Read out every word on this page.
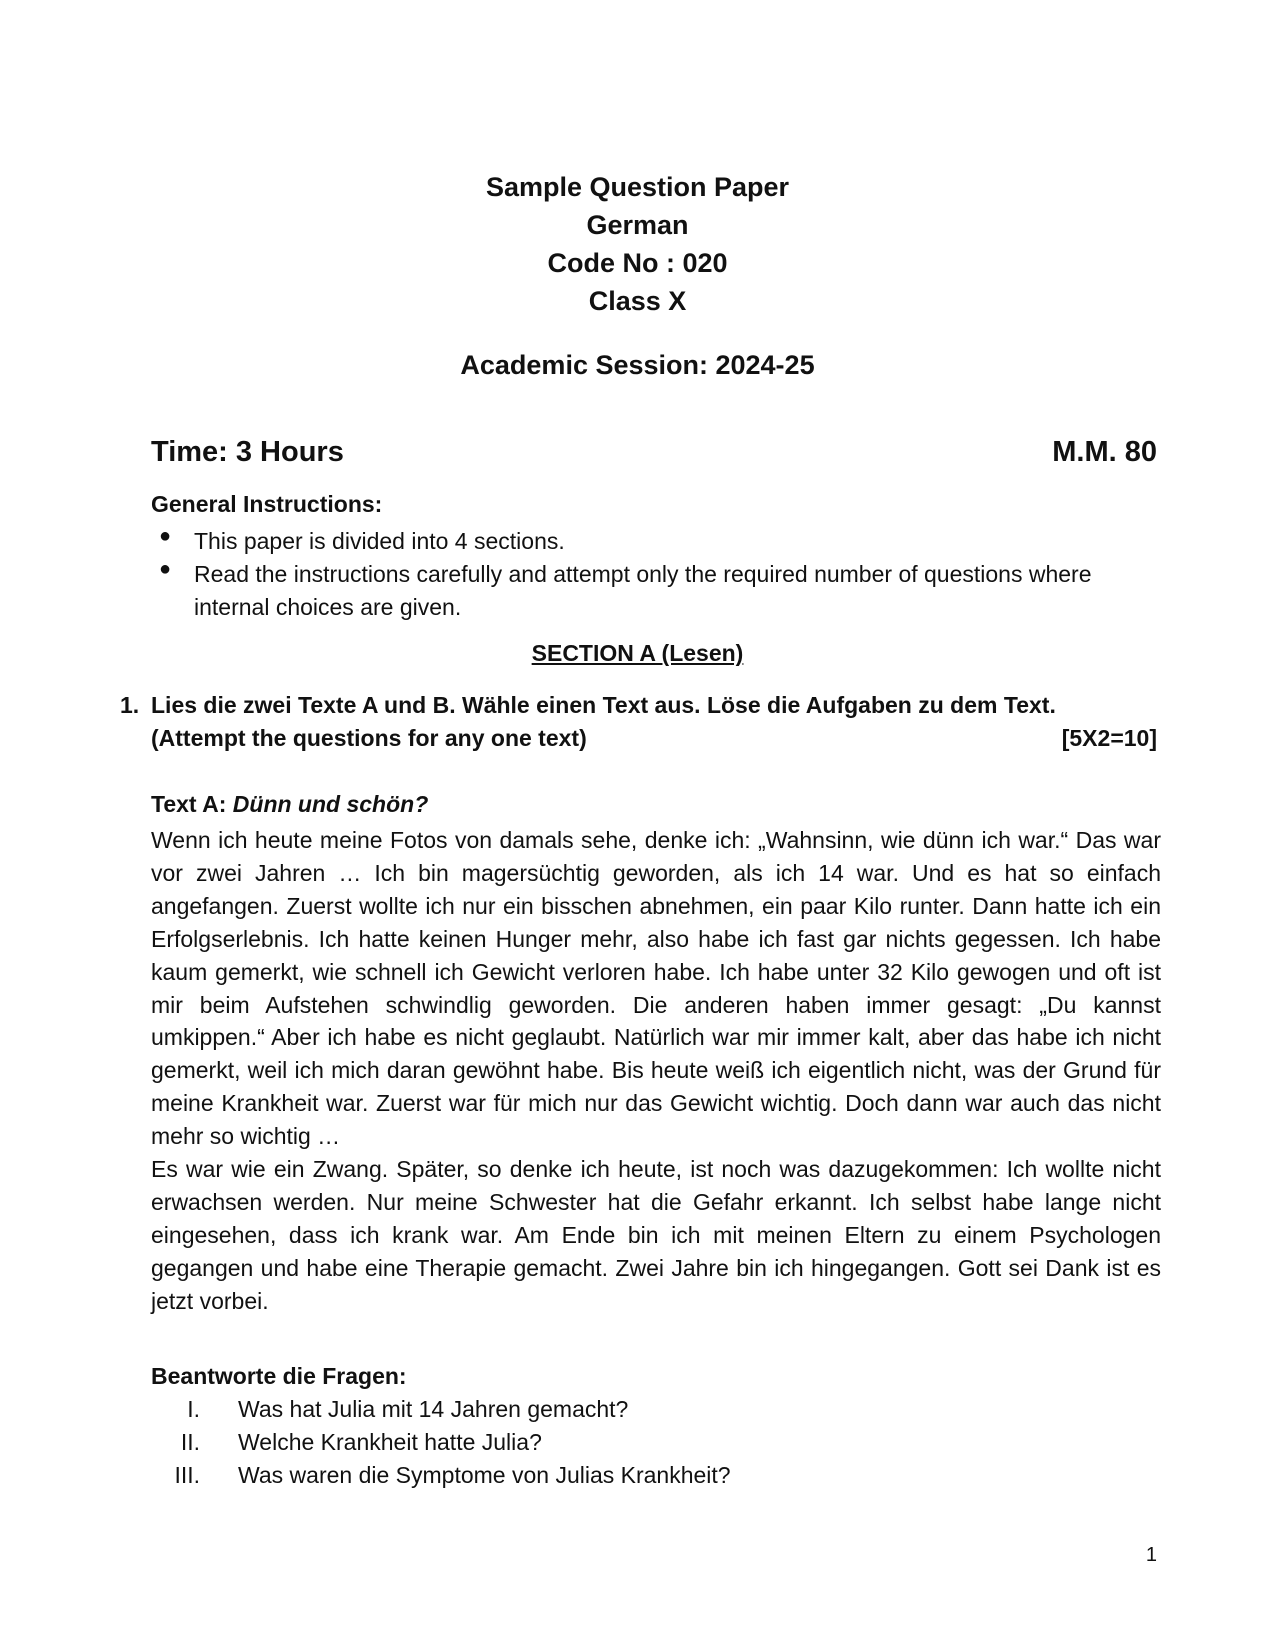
Sample Question Paper
German
Code No : 020
Class X
Academic Session: 2024-25
Time: 3 Hours	M.M. 80
General Instructions:
● This paper is divided into 4 sections.
● Read the instructions carefully and attempt only the required number of questions where internal choices are given.
SECTION A (Lesen)
1. Lies die zwei Texte A und B. Wähle einen Text aus. Löse die Aufgaben zu dem Text.
(Attempt the questions for any one text)	[5X2=10]
Text A: Dünn und schön?
Wenn ich heute meine Fotos von damals sehe, denke ich: „Wahnsinn, wie dünn ich war.“ Das war vor zwei Jahren … Ich bin magersüchtig geworden, als ich 14 war. Und es hat so einfach angefangen. Zuerst wollte ich nur ein bisschen abnehmen, ein paar Kilo runter. Dann hatte ich ein Erfolgserlebnis. Ich hatte keinen Hunger mehr, also habe ich fast gar nichts gegessen. Ich habe kaum gemerkt, wie schnell ich Gewicht verloren habe. Ich habe unter 32 Kilo gewogen und oft ist mir beim Aufstehen schwindlig geworden. Die anderen haben immer gesagt: „Du kannst umkippen.“ Aber ich habe es nicht geglaubt. Natürlich war mir immer kalt, aber das habe ich nicht gemerkt, weil ich mich daran gewöhnt habe. Bis heute weiß ich eigentlich nicht, was der Grund für meine Krankheit war. Zuerst war für mich nur das Gewicht wichtig. Doch dann war auch das nicht mehr so wichtig …
Es war wie ein Zwang. Später, so denke ich heute, ist noch was dazugekommen: Ich wollte nicht erwachsen werden. Nur meine Schwester hat die Gefahr erkannt. Ich selbst habe lange nicht eingesehen, dass ich krank war. Am Ende bin ich mit meinen Eltern zu einem Psychologen gegangen und habe eine Therapie gemacht. Zwei Jahre bin ich hingegangen. Gott sei Dank ist es jetzt vorbei.
Beantworte die Fragen:
I. Was hat Julia mit 14 Jahren gemacht?
II. Welche Krankheit hatte Julia?
III. Was waren die Symptome von Julias Krankheit?
1
